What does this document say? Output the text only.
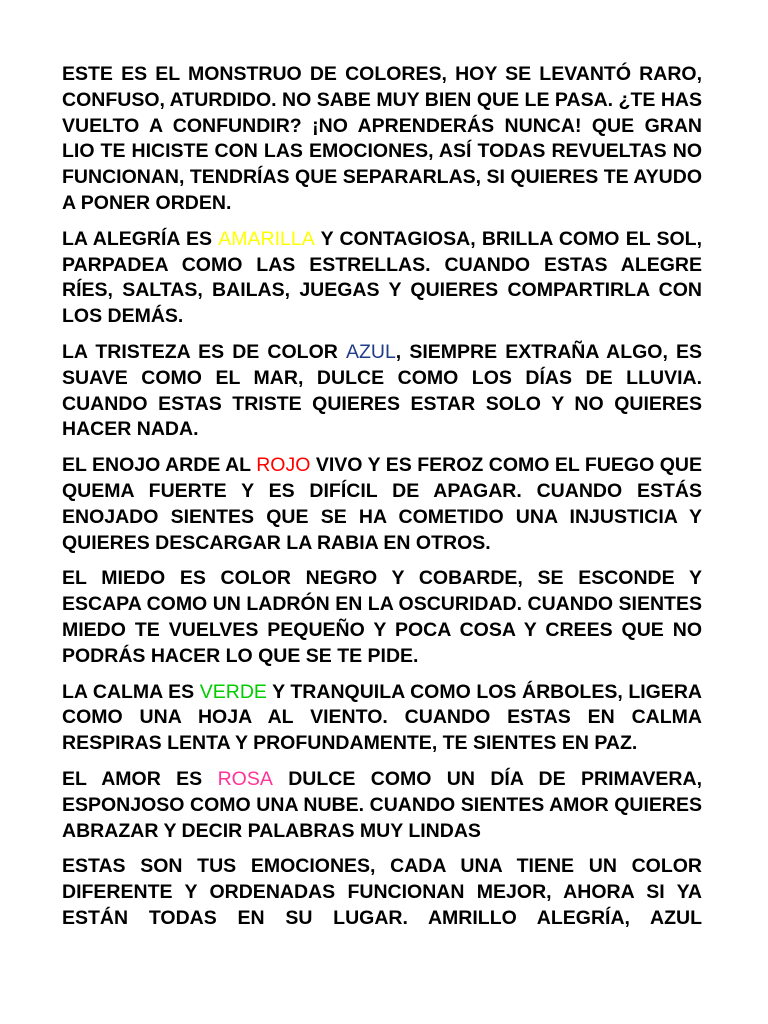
ESTE ES EL MONSTRUO DE COLORES, HOY SE LEVANTÓ RARO, CONFUSO, ATURDIDO. NO SABE MUY BIEN QUE LE PASA. ¿TE HAS VUELTO A CONFUNDIR? ¡NO APRENDERÁS NUNCA! QUE GRAN LIO TE HICISTE CON LAS EMOCIONES, ASÍ TODAS REVUELTAS NO FUNCIONAN, TENDRÍAS QUE SEPARARLAS, SI QUIERES TE AYUDO A PONER ORDEN.

LA ALEGRÍA ES AMARILLA Y CONTAGIOSA, BRILLA COMO EL SOL, PARPADEA COMO LAS ESTRELLAS. CUANDO ESTAS ALEGRE RÍES, SALTAS, BAILAS, JUEGAS Y QUIERES COMPARTIRLA CON LOS DEMÁS.

LA TRISTEZA ES DE COLOR AZUL, SIEMPRE EXTRAÑA ALGO, ES SUAVE COMO EL MAR, DULCE COMO LOS DÍAS DE LLUVIA. CUANDO ESTAS TRISTE QUIERES ESTAR SOLO Y NO QUIERES HACER NADA.

EL ENOJO ARDE AL ROJO VIVO Y ES FEROZ COMO EL FUEGO QUE QUEMA FUERTE Y ES DIFÍCIL DE APAGAR. CUANDO ESTÁS ENOJADO SIENTES QUE SE HA COMETIDO UNA INJUSTICIA Y QUIERES DESCARGAR LA RABIA EN OTROS.

EL MIEDO ES COLOR NEGRO Y COBARDE, SE ESCONDE Y ESCAPA COMO UN LADRÓN EN LA OSCURIDAD. CUANDO SIENTES MIEDO TE VUELVES PEQUEÑO Y POCA COSA Y CREES QUE NO PODRÁS HACER LO QUE SE TE PIDE.

LA CALMA ES VERDE Y TRANQUILA COMO LOS ÁRBOLES, LIGERA COMO UNA HOJA AL VIENTO. CUANDO ESTAS EN CALMA RESPIRAS LENTA Y PROFUNDAMENTE, TE SIENTES EN PAZ.

EL AMOR ES ROSA DULCE COMO UN DÍA DE PRIMAVERA, ESPONJOSO COMO UNA NUBE. CUANDO SIENTES AMOR QUIERES ABRAZAR Y DECIR PALABRAS MUY LINDAS

ESTAS SON TUS EMOCIONES, CADA UNA TIENE UN COLOR DIFERENTE Y ORDENADAS FUNCIONAN MEJOR, AHORA SI YA ESTÁN TODAS EN SU LUGAR. AMRILLO ALEGRÍA, AZUL
